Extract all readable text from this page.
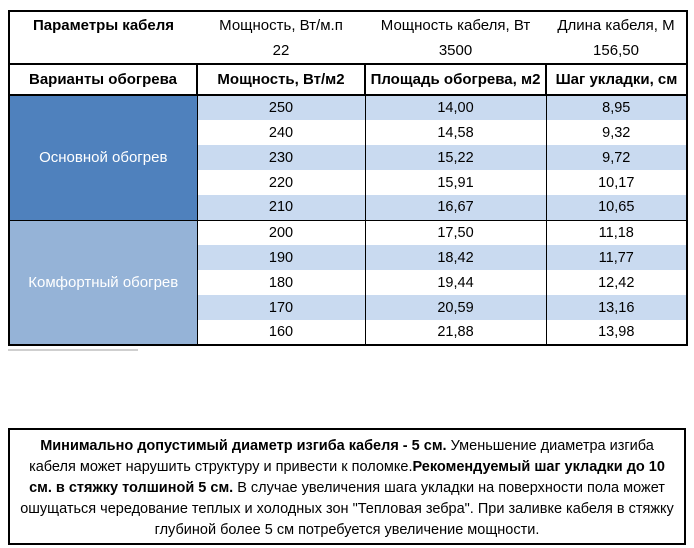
Параметры кабеля	Мощность, Вт/м.п	Мощность кабеля, Вт	Длина кабеля, М
	22	3500	156,50
Варианты обогрева	Мощность, Вт/м2	Площадь обогрева, м2	Шаг укладки, см
Основной обогрев	250	14,00	8,95
	240	14,58	9,32
	230	15,22	9,72
	220	15,91	10,17
	210	16,67	10,65
Комфортный обогрев	200	17,50	11,18
	190	18,42	11,77
	180	19,44	12,42
	170	20,59	13,16
	160	21,88	13,98
Минимально допустимый диаметр изгиба кабеля - 5 см. Уменьшение диаметра изгиба кабеля может нарушить структуру и привести к поломке.Рекомендуемый шаг укладки до 10 см. в стяжку толшиной 5 см. В случае увеличения шага укладки на поверхности пола может ошущаться чередование теплых и холодных зон "Тепловая зебра". При заливке кабеля в стяжку глубиной более 5 см потребуется увеличение мощности.
